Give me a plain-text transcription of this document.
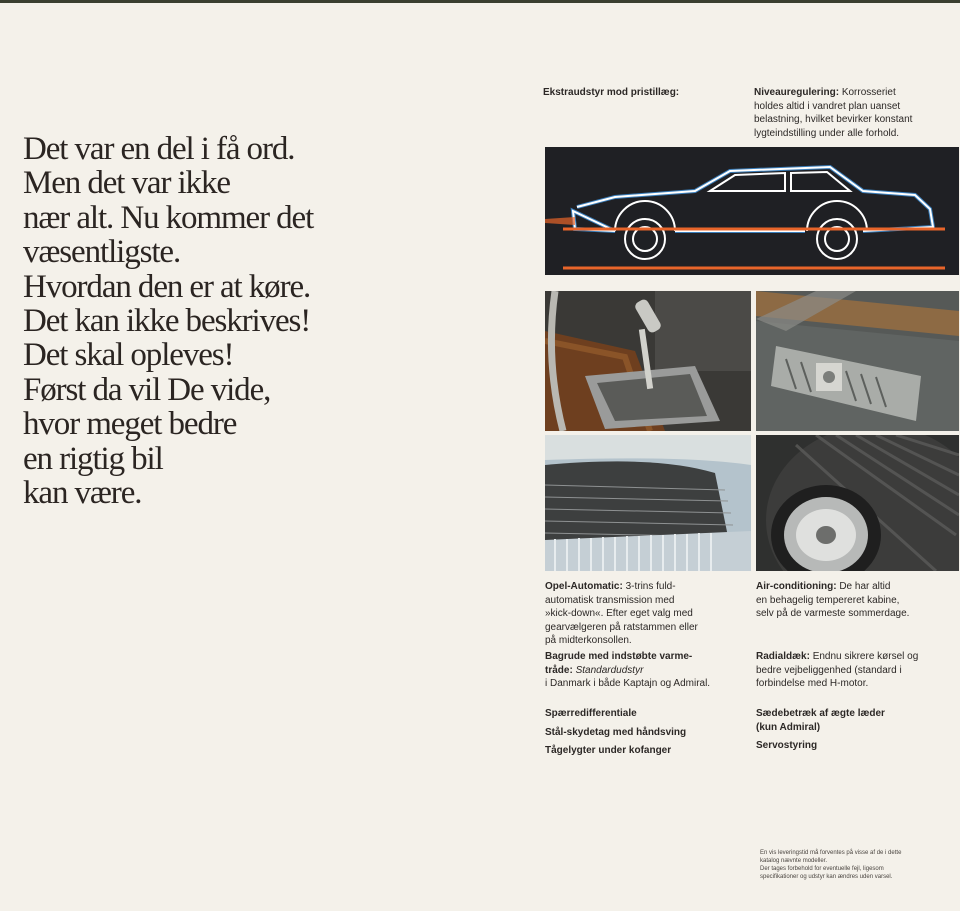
Det var en del i få ord.
Men det var ikke
nær alt. Nu kommer det
væsentligste.
Hvordan den er at køre.
Det kan ikke beskrives!
Det skal opleves!
Først da vil De vide,
hvor meget bedre
en rigtig bil
kan være.
Ekstraudstyr mod pristillæg:	Niveauregulering: Korrosseriet
holdes altid i vandret plan uanset
belastning, hvilket bevirker konstant
lygteindstilling under alle forhold.
Opel-Automatic: 3-trins fuld-
automatisk transmission med
»kick-down«. Efter eget valg med
gearvælgeren på ratstammen eller
på midterkonsollen.
Bagrude med indstøbte varme-
tråde: Standardudstyr
i Danmark i både Kaptajn og Admiral.
Air-conditioning: De har altid
en behagelig tempereret kabine,
selv på de varmeste sommerdage.
Radialdæk: Endnu sikrere kørsel og
bedre vejbeliggenhed (standard i
forbindelse med H-motor.
Spærredifferentiale
Stål-skydetag med håndsving
Tågelygter under kofanger
Sædebetræk af ægte læder
(kun Admiral)
Servostyring
En vis leveringstid må forventes på visse af de i dette
katalog nævnte modeller.
Der tages forbehold for eventuelle fejl, ligesom
specifikationer og udstyr kan ændres uden varsel.
